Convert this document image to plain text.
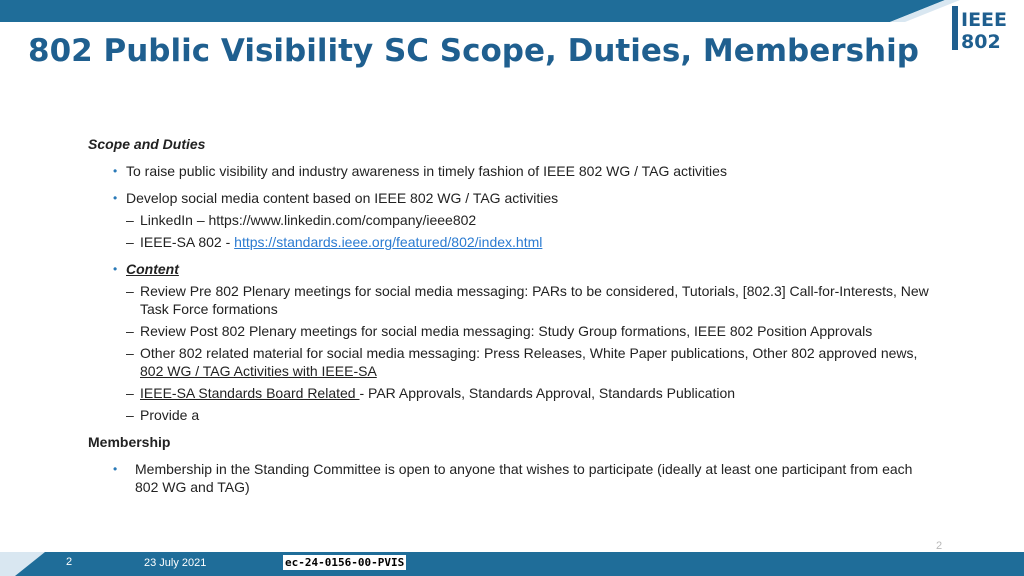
IEEE
802
802 Public Visibility SC Scope, Duties, Membership
Scope and Duties
• To raise public visibility and industry awareness in timely fashion of IEEE 802 WG / TAG activities
• Develop social media content based on IEEE 802 WG / TAG activities
– LinkedIn – https://www.linkedin.com/company/ieee802
– IEEE-SA 802 - https://standards.ieee.org/featured/802/index.html
• Content
– Review Pre 802 Plenary meetings for social media messaging: PARs to be considered, Tutorials, [802.3] Call-for-Interests, New Task Force formations
– Review Post 802 Plenary meetings for social media messaging: Study Group formations, IEEE 802 Position Approvals
– Other 802 related material for social media messaging: Press Releases, White Paper publications, Other 802 approved news, 802 WG / TAG Activities with IEEE-SA
– IEEE-SA Standards Board Related - PAR Approvals, Standards Approval, Standards Publication
– Provide a
Membership
• Membership in the Standing Committee is open to anyone that wishes to participate (ideally at least one participant from each 802 WG and TAG)
2
2	23 July 2021	ec-24-0156-00-PVIS
